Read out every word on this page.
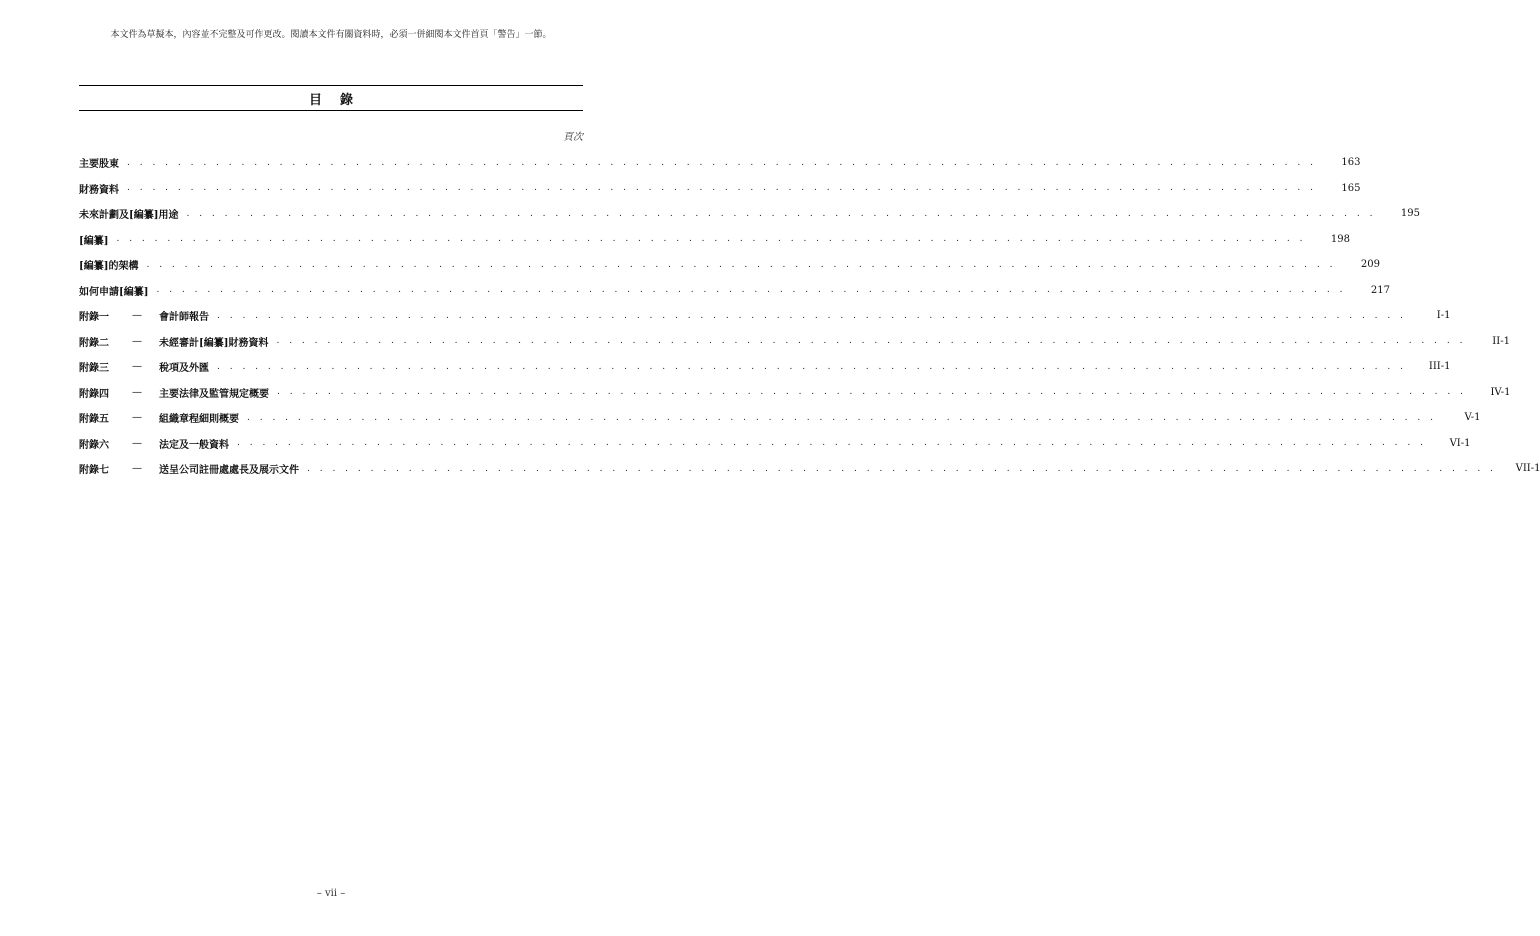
本文件為草擬本，內容並不完整及可作更改。閱讀本文件有關資料時，必須一併細閱本文件首頁「警告」一節。
目錄
頁次
主要股東 . . . . . . . . . . . . . . . . . . . . . . . . . . . . . . . . . . . . . . . . . . . . . . . . . . . . . . . . . . . . . . . . . . . . . . . . . . . . . . . . . . . . . . . . . . . . . .	163
財務資料 . . . . . . . . . . . . . . . . . . . . . . . . . . . . . . . . . . . . . . . . . . . . . . . . . . . . . . . . . . . . . . . . . . . . . . . . . . . . . . . . . . . . . . . . . . . . . .	165
未來計劃及[編纂]用途 . . . . . . . . . . . . . . . . . . . . . . . . . . . . . . . . . . . . . . . . . . . . . . . . . . . . . . . . . . . . . . . . . . . . . . . . . . . . . . . . . . . . . . . . . . . . . .	195
[編纂] . . . . . . . . . . . . . . . . . . . . . . . . . . . . . . . . . . . . . . . . . . . . . . . . . . . . . . . . . . . . . . . . . . . . . . . . . . . . . . . . . . . . . . . . . . . . . .	198
[編纂]的架構 . . . . . . . . . . . . . . . . . . . . . . . . . . . . . . . . . . . . . . . . . . . . . . . . . . . . . . . . . . . . . . . . . . . . . . . . . . . . . . . . . . . . . . . . . . . . . .	209
如何申請[編纂] . . . . . . . . . . . . . . . . . . . . . . . . . . . . . . . . . . . . . . . . . . . . . . . . . . . . . . . . . . . . . . . . . . . . . . . . . . . . . . . . . . . . . . . . . . . . . .	217
附錄一	—	會計師報告 . . . . . . . . . . . . . . . . . . . . . . . . . . . . . . . . . . . . . . . . . . . . . . . . . . . . . . . . . . . . . . . . . . . . . . . . . . . . . . . . . . . . . . . . . . . . . .	I-1
附錄二	—	未經審計[編纂]財務資料 . . . . . . . . . . . . . . . . . . . . . . . . . . . . . . . . . . . . . . . . . . . . . . . . . . . . . . . . . . . . . . . . . . . . . . . . . . . . . . . . . . . . . . . . . . . . . .	II-1
附錄三	—	稅項及外匯 . . . . . . . . . . . . . . . . . . . . . . . . . . . . . . . . . . . . . . . . . . . . . . . . . . . . . . . . . . . . . . . . . . . . . . . . . . . . . . . . . . . . . . . . . . . . . .	III-1
附錄四	—	主要法律及監管規定概要 . . . . . . . . . . . . . . . . . . . . . . . . . . . . . . . . . . . . . . . . . . . . . . . . . . . . . . . . . . . . . . . . . . . . . . . . . . . . . . . . . . . . . . . . . . . . . .	IV-1
附錄五	—	組織章程細則概要 . . . . . . . . . . . . . . . . . . . . . . . . . . . . . . . . . . . . . . . . . . . . . . . . . . . . . . . . . . . . . . . . . . . . . . . . . . . . . . . . . . . . . . . . . . . . . .	V-1
附錄六	—	法定及一般資料 . . . . . . . . . . . . . . . . . . . . . . . . . . . . . . . . . . . . . . . . . . . . . . . . . . . . . . . . . . . . . . . . . . . . . . . . . . . . . . . . . . . . . . . . . . . . . .	VI-1
附錄七	—	送呈公司註冊處處長及展示文件 . . . . . . . . . . . . . . . . . . . . . . . . . . . . . . . . . . . . . . . . . . . . . . . . . . . . . . . . . . . . . . . . . . . . . . . . . . . . . . . . . . . . . . . . . . . . . .	VII-1
– vii –
